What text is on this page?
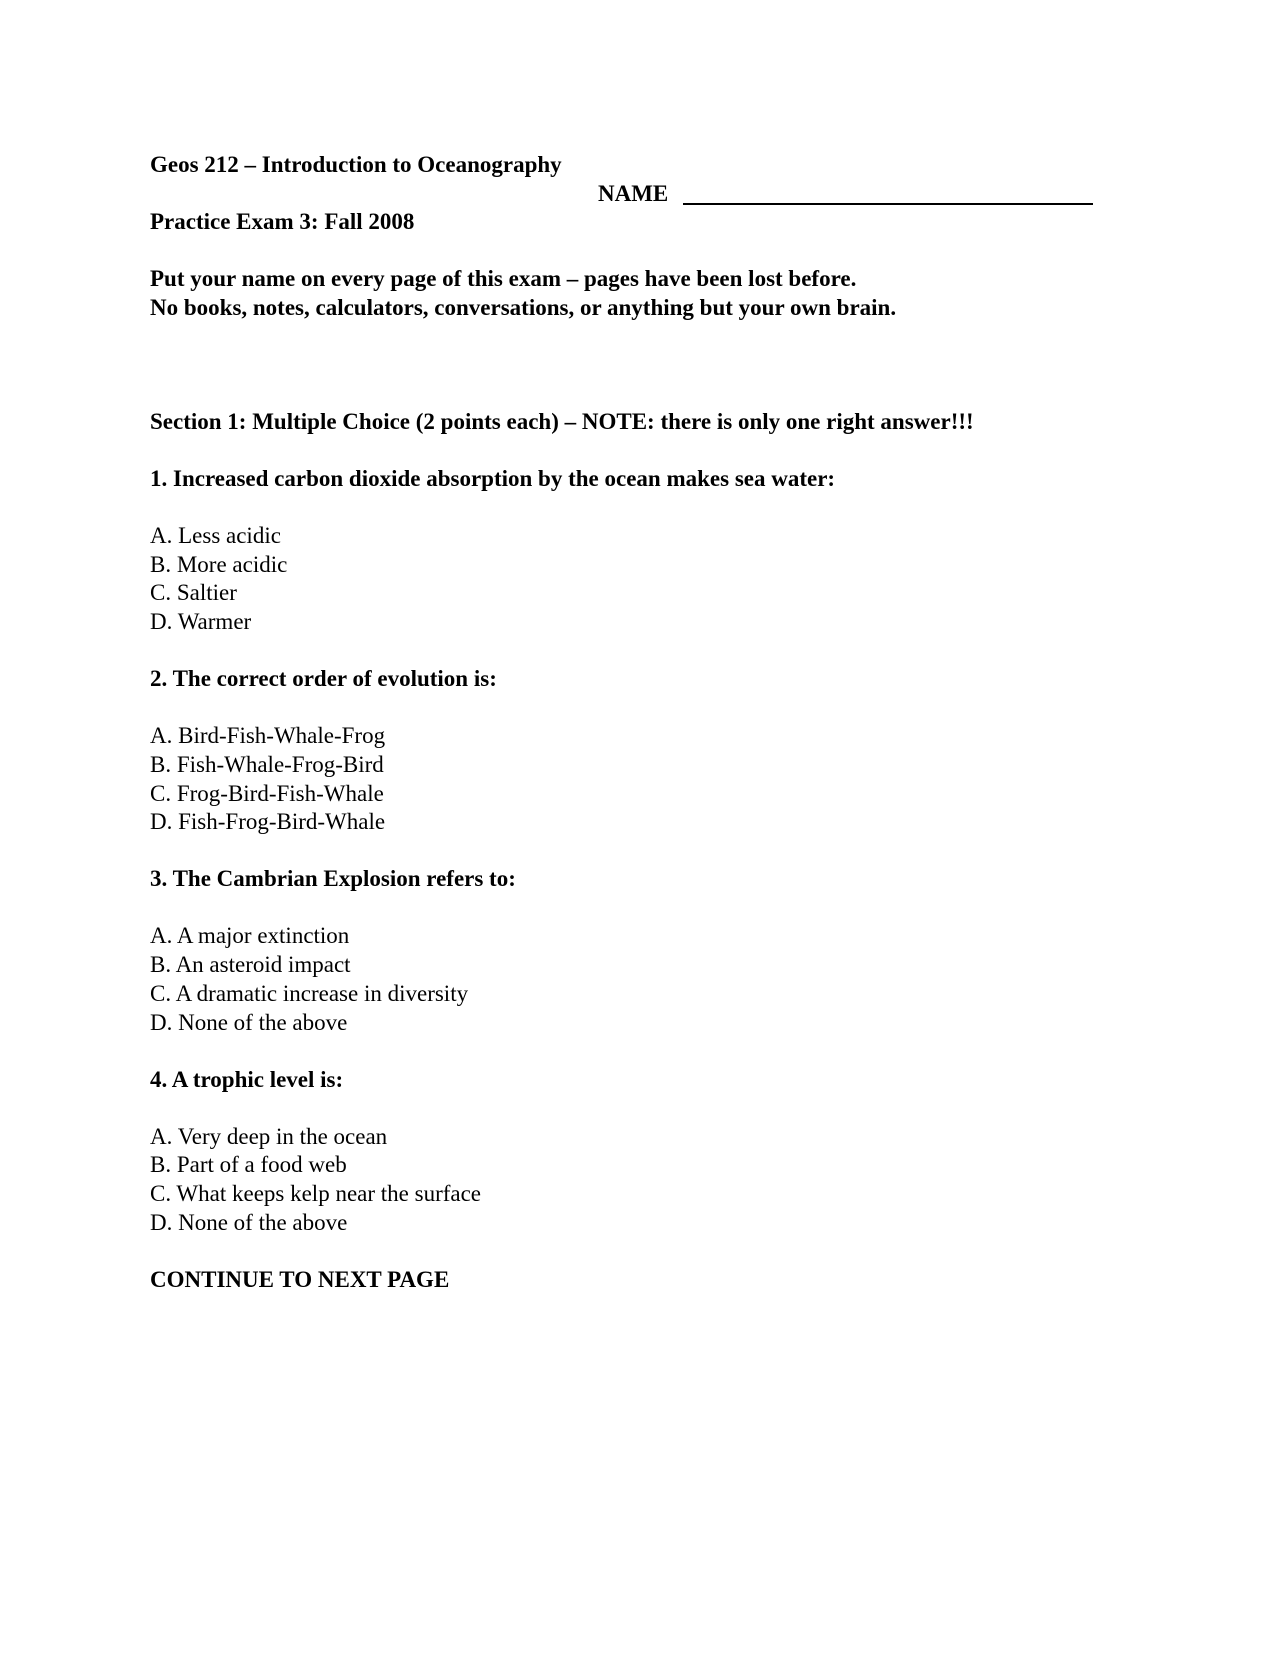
Geos 212 – Introduction to Oceanography
NAME
Practice Exam 3: Fall 2008
Put your name on every page of this exam – pages have been lost before.
No books, notes, calculators, conversations, or anything but your own brain.
Section 1: Multiple Choice (2 points each) – NOTE: there is only one right answer!!!
1. Increased carbon dioxide absorption by the ocean makes sea water:
A. Less acidic
B. More acidic
C. Saltier
D. Warmer
2. The correct order of evolution is:
A. Bird-Fish-Whale-Frog
B. Fish-Whale-Frog-Bird
C. Frog-Bird-Fish-Whale
D. Fish-Frog-Bird-Whale
3. The Cambrian Explosion refers to:
A. A major extinction
B. An asteroid impact
C. A dramatic increase in diversity
D. None of the above
4. A trophic level is:
A. Very deep in the ocean
B. Part of a food web
C. What keeps kelp near the surface
D. None of the above
CONTINUE TO NEXT PAGE
